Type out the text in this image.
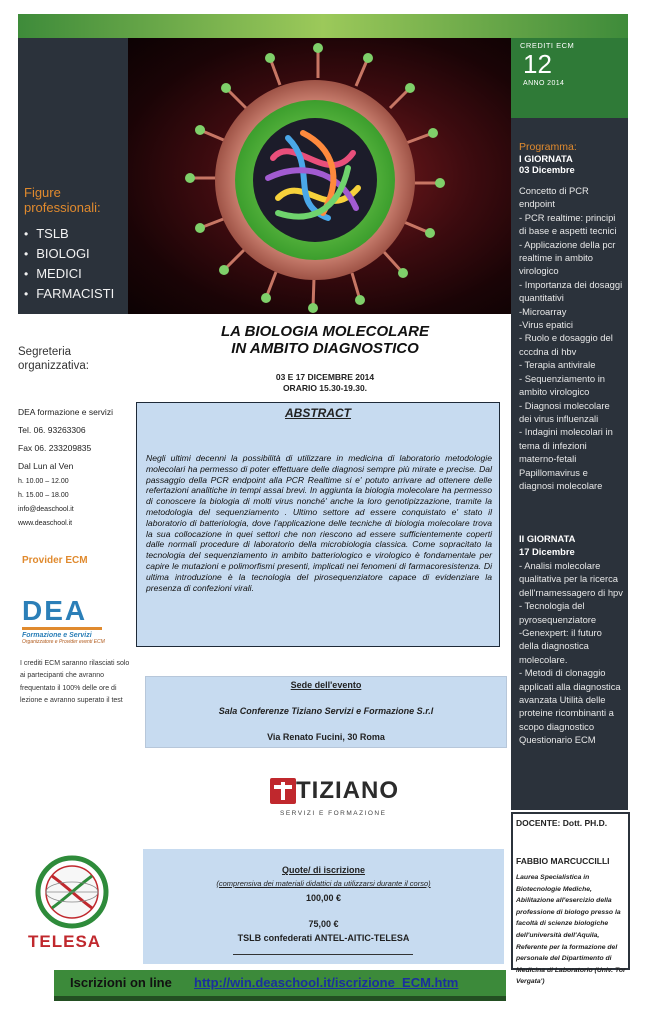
Figure professionali:
• TSLB
• BIOLOGI
• MEDICI
• FARMACISTI
CREDITI ECM
12
ANNO 2014
Programma:
I GIORNATA
03 Dicembre
Concetto di PCR endpoint
- PCR realtime: principi di base e aspetti tecnici
- Applicazione della pcr realtime in ambito virologico
- Importanza dei dosaggi quantitativi
-Microarray
-Virus epatici
- Ruolo e dosaggio del cccdna di hbv
- Terapia antivirale
- Sequenziamento in ambito virologico
- Diagnosi molecolare dei virus influenzali
- Indagini molecolari in tema di infezioni materno-fetali Papillomavirus e diagnosi molecolare
II GIORNATA
17 Dicembre
- Analisi molecolare qualitativa per la ricerca dell'rnamessagero di hpv
- Tecnologia del pyrosequenziatore
-Genexpert: il futuro della diagnostica molecolare.
- Metodi di clonaggio applicati alla diagnostica avanzata Utilità delle proteine ricombinanti a scopo diagnostico Questionario ECM
DOCENTE: Dott. PH.D.
FABBIO MARCUCCILLI
Laurea Specialistica in Biotecnologie Mediche, Abilitazione all'esercizio della professione di biologo presso la facoltà di scienze biologiche dell'università dell'Aquila, Referente per la formazione del personale del Dipartimento di Medicina di Laboratorio (Univ. Tor Vergata')
LA BIOLOGIA MOLECOLARE
IN AMBITO DIAGNOSTICO
03 E 17 DICEMBRE 2014
ORARIO 15.30-19.30.
ABSTRACT
Negli ultimi decenni la possibilità di utilizzare in medicina di laboratorio metodologie molecolari ha permesso di poter effettuare delle diagnosi sempre più mirate e precise. Dal passaggio della PCR endpoint alla PCR Realtime si e' potuto arrivare ad ottenere delle refertazioni analitiche in tempi assai brevi. In aggiunta la biologia molecolare ha permesso di conoscere la biologia di molti virus nonché' anche la loro genotipizzazione, tramite la metodologia del sequenziamento . Ultimo settore ad essere conquistato e' stato il laboratorio di batteriologia, dove l'applicazione delle tecniche di biologia molecolare trova la sua collocazione in quei settori che non riescono ad essere sufficientemente coperti dalle normali procedure di laboratorio della microbiologia classica. Come sopracitato la tecnologia del sequenziamento in ambito batteriologico e virologico è fondamentale per capire le mutazioni e polimorfismi presenti, implicati nei fenomeni di farmacoresistenza. Di ultima introduzione è la tecnologia del pirosequenziatore capace di evidenziare la presenza di confezioni virali.
Segreteria
organizzativa:
DEA formazione e servizi
Tel. 06. 93263306
Fax 06. 233209835
Dal Lun al Ven
h. 10.00 – 12.00
h. 15.00 – 18.00
info@deaschool.it
www.deaschool.it
Provider ECM
DEA
Formazione e Servizi
Organizzatore e Provider eventi ECM
I crediti ECM saranno rilasciati solo ai partecipanti che avranno frequentato il 100% delle ore di lezione e avranno superato il test
Sede dell'evento
Sala Conferenze Tiziano Servizi e Formazione S.r.l
Via Renato Fucini, 30 Roma
TIZIANO
SERVIZI E FORMAZIONE
Quote/ di iscrizione
(comprensiva dei materiali didattici da utilizzarsi durante il corso)
100,00 €
75,00 €
TSLB confederati ANTEL-AITIC-TELESA
TELESA
Iscrizioni on line http://win.deaschool.it/iscrizione_ECM.htm
